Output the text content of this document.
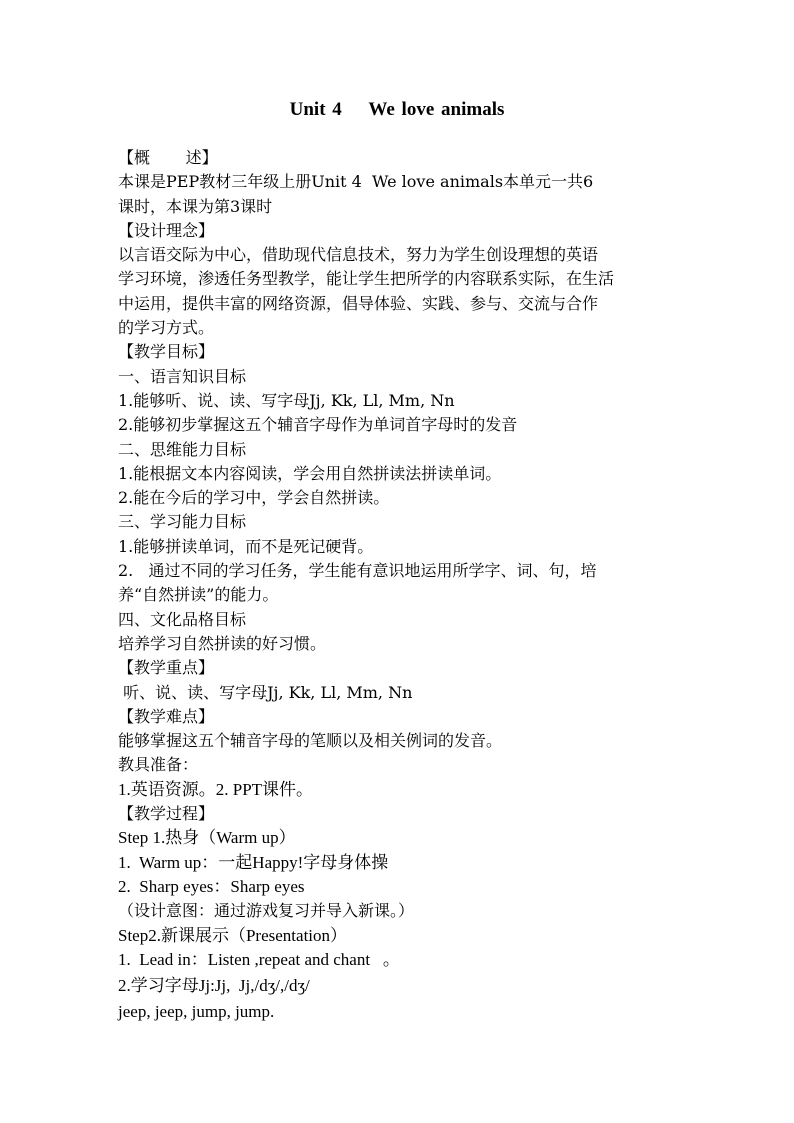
Unit 4    We love animals

【概       述】

本课是PEP教材三年级上册Unit 4  We love animals本单元一共6

课时，本课为第3课时

【设计理念】

以言语交际为中心，借助现代信息技术，努力为学生创设理想的英语

学习环境，渗透任务型教学，能让学生把所学的内容联系实际，在生活

中运用，提供丰富的网络资源，倡导体验、实践、参与、交流与合作

的学习方式。

【教学目标】

一、语言知识目标

1.能够听、说、读、写字母Jj, Kk, Ll, Mm, Nn

2.能够初步掌握这五个辅音字母作为单词首字母时的发音

二、思维能力目标

1.能根据文本内容阅读，学会用自然拼读法拼读单词。

2.能在今后的学习中，学会自然拼读。

三、学习能力目标

1.能够拼读单词，而不是死记硬背。

2.   通过不同的学习任务，学生能有意识地运用所学字、词、句，培

养“自然拼读”的能力。

四、文化品格目标

培养学习自然拼读的好习惯。

【教学重点】

听、说、读、写字母Jj, Kk, Ll, Mm, Nn

【教学难点】

能够掌握这五个辅音字母的笔顺以及相关例词的发音。

教具准备：

1.英语资源。2. PPT课件。

【教学过程】

Step 1.热身（Warm up）

1.  Warm up：一起Happy!字母身体操

2.  Sharp eyes：Sharp eyes

（设计意图：通过游戏复习并导入新课。）

Step2.新课展示（Presentation）

1.  Lead in：Listen ,repeat and chant   。

2.学习字母Jj:Jj,  Jj,/dʒ/,/dʒ/

jeep, jeep, jump, jump.
